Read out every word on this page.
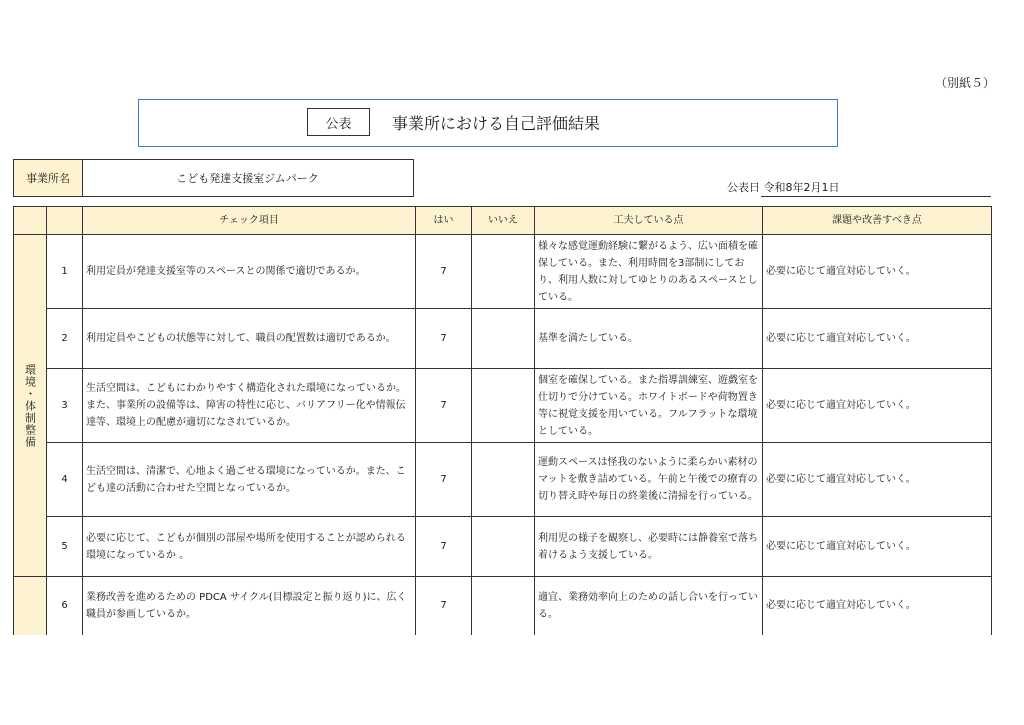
（別紙５）
公表	事業所における自己評価結果
事業所名	こども発達支援室ジムパーク
公表日 令和8年2月1日
		チェック項目	はい	いいえ	工夫している点	課題や改善すべき点

環境・体制整備	1	利用定員が発達支援室等のスペースとの関係で適切であるか。	7		様々な感覚運動経験に繋がるよう、広い面積を確保している。また、利用時間を3部制にしており、利用人数に対してゆとりのあるスペースとしている。	必要に応じて適宜対応していく。
	2	利用定員やこどもの状態等に対して、職員の配置数は適切であるか。	7		基準を満たしている。	必要に応じて適宜対応していく。
	3	生活空間は、こどもにわかりやすく構造化された環境になっているか。また、事業所の設備等は、障害の特性に応じ、バリアフリー化や情報伝達等、環境上の配慮が適切になされているか。	7		個室を確保している。また指導訓練室、遊戯室を仕切りで分けている。ホワイトボードや荷物置き等に視覚支援を用いている。フルフラットな環境としている。	必要に応じて適宜対応していく。
	4	生活空間は、清潔で、心地よく過ごせる環境になっているか。また、こども達の活動に合わせた空間となっているか。	7		運動スペースは怪我のないように柔らかい素材のマットを敷き詰めている。午前と午後での療育の切り替え時や毎日の終業後に清掃を行っている。	必要に応じて適宜対応していく。
	5	必要に応じて、こどもが個別の部屋や場所を使用することが認められる環境になっているか 。	7		利用児の様子を観察し、必要時には静養室で落ち着けるよう支援している。	必要に応じて適宜対応していく。

	6	業務改善を進めるための PDCA サイクル(目標設定と振り返り)に、広く職員が参画しているか。	7		適宜、業務効率向上のための話し合いを行っている。	必要に応じて適宜対応していく。
